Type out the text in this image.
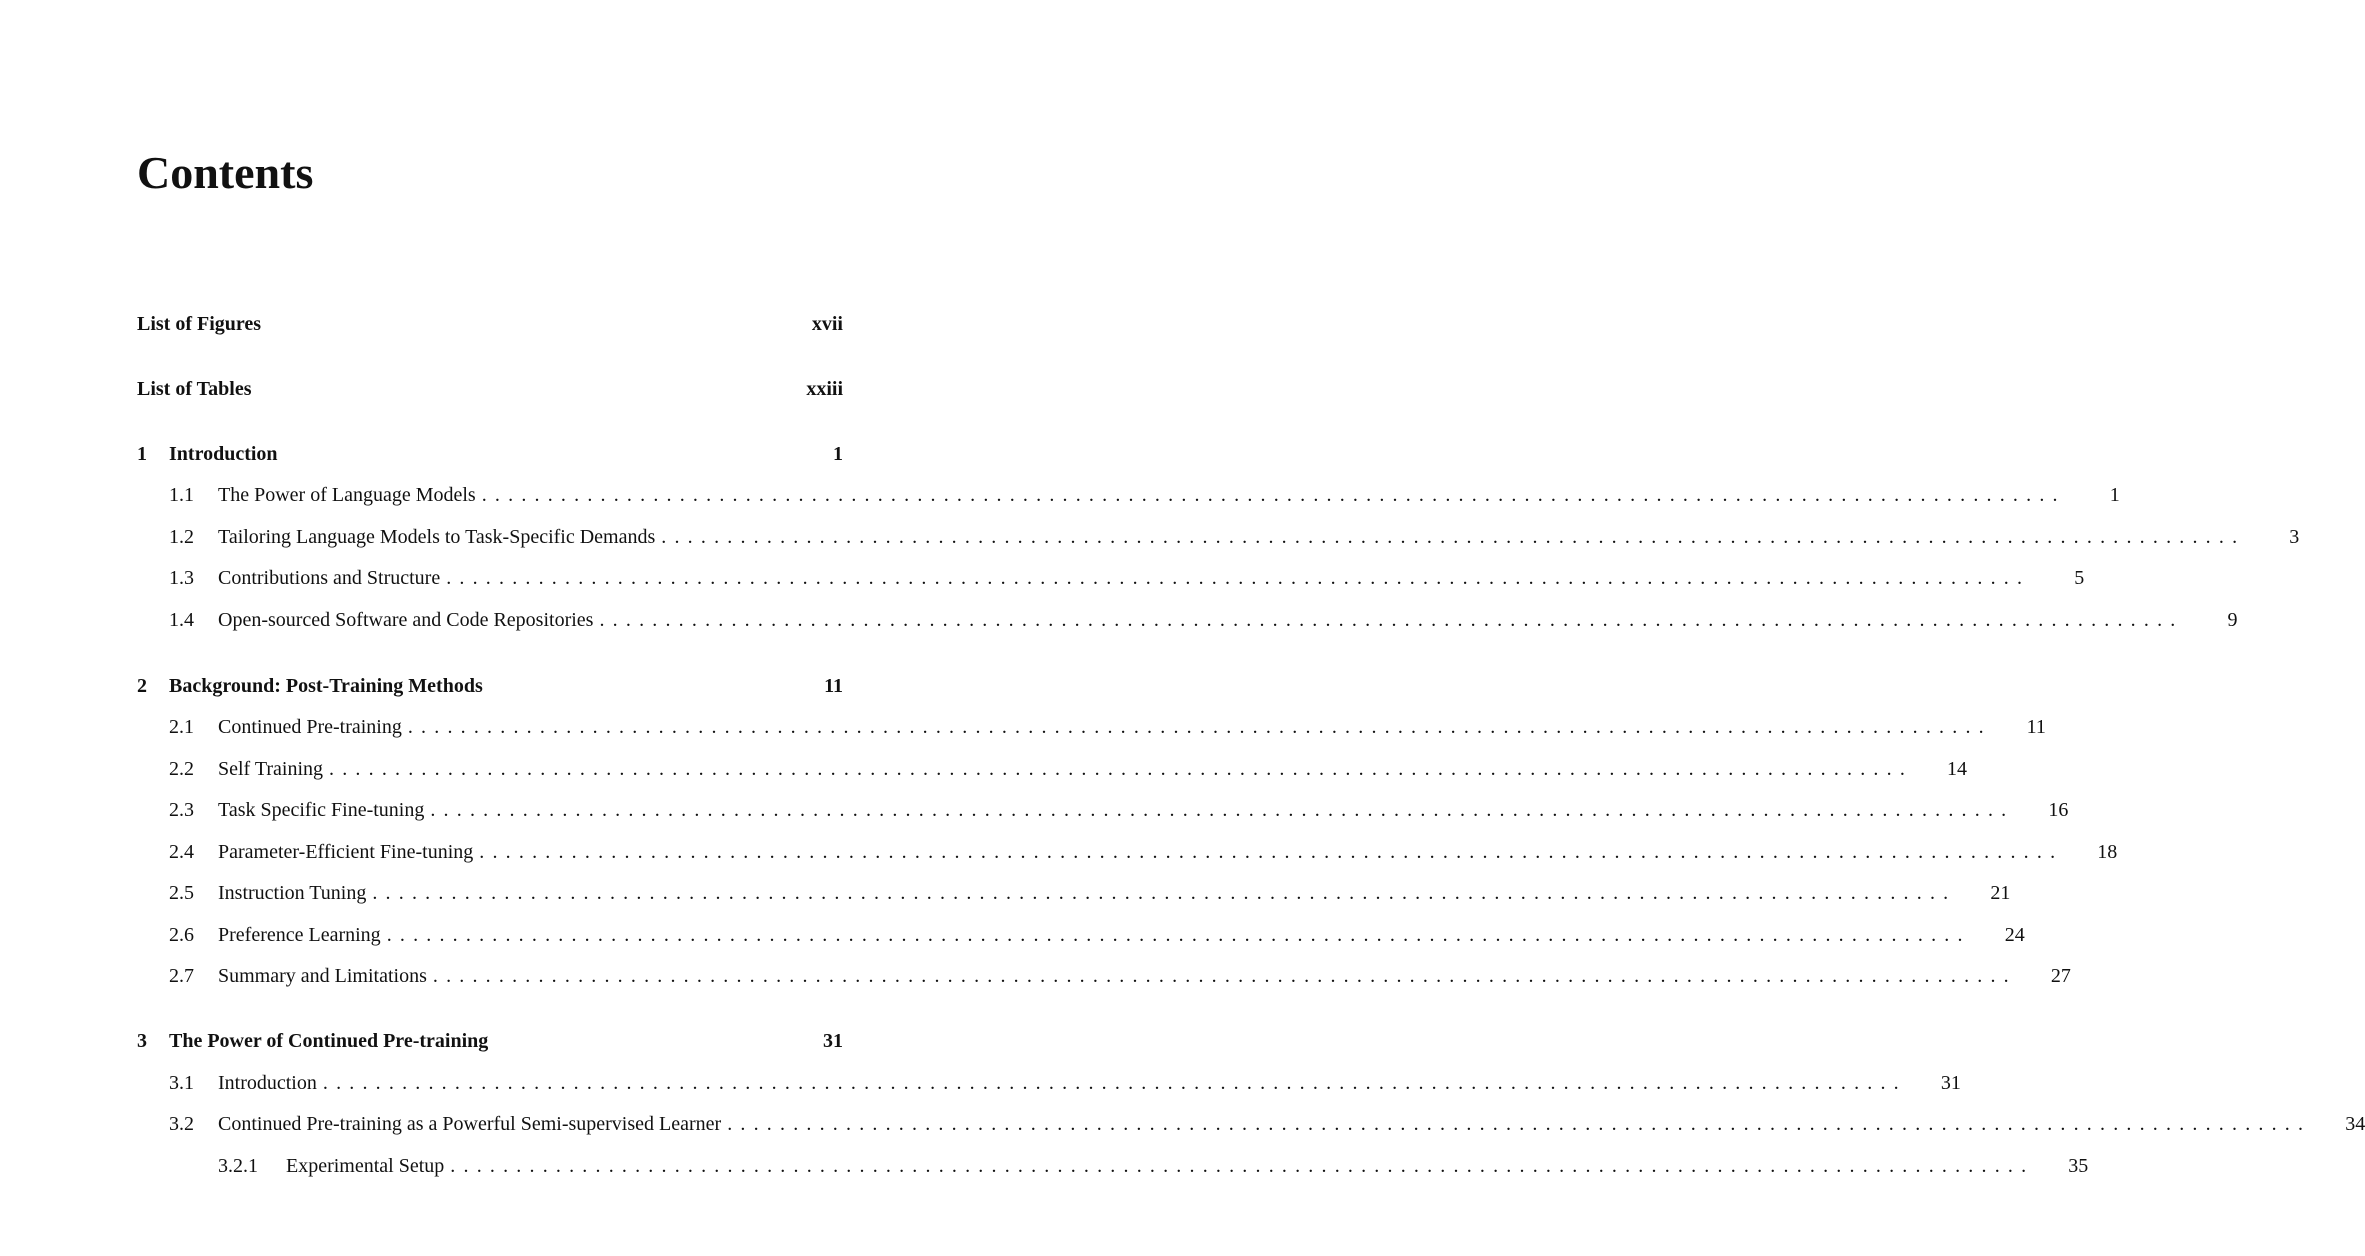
Contents
List of Figures	xvii
List of Tables	xxiii
1	Introduction	1
1.1	The Power of Language Models ........................................................................................................................	1
1.2	Tailoring Language Models to Task-Specific Demands ........................................................................................................................	3
1.3	Contributions and Structure ........................................................................................................................	5
1.4	Open-sourced Software and Code Repositories ........................................................................................................................	9
2	Background: Post-Training Methods	11
2.1	Continued Pre-training ........................................................................................................................	11
2.2	Self Training ........................................................................................................................	14
2.3	Task Specific Fine-tuning ........................................................................................................................	16
2.4	Parameter-Efficient Fine-tuning ........................................................................................................................	18
2.5	Instruction Tuning ........................................................................................................................	21
2.6	Preference Learning ........................................................................................................................	24
2.7	Summary and Limitations ........................................................................................................................	27
3	The Power of Continued Pre-training	31
3.1	Introduction ........................................................................................................................	31
3.2	Continued Pre-training as a Powerful Semi-supervised Learner ........................................................................................................................	34
3.2.1	Experimental Setup ........................................................................................................................	35
